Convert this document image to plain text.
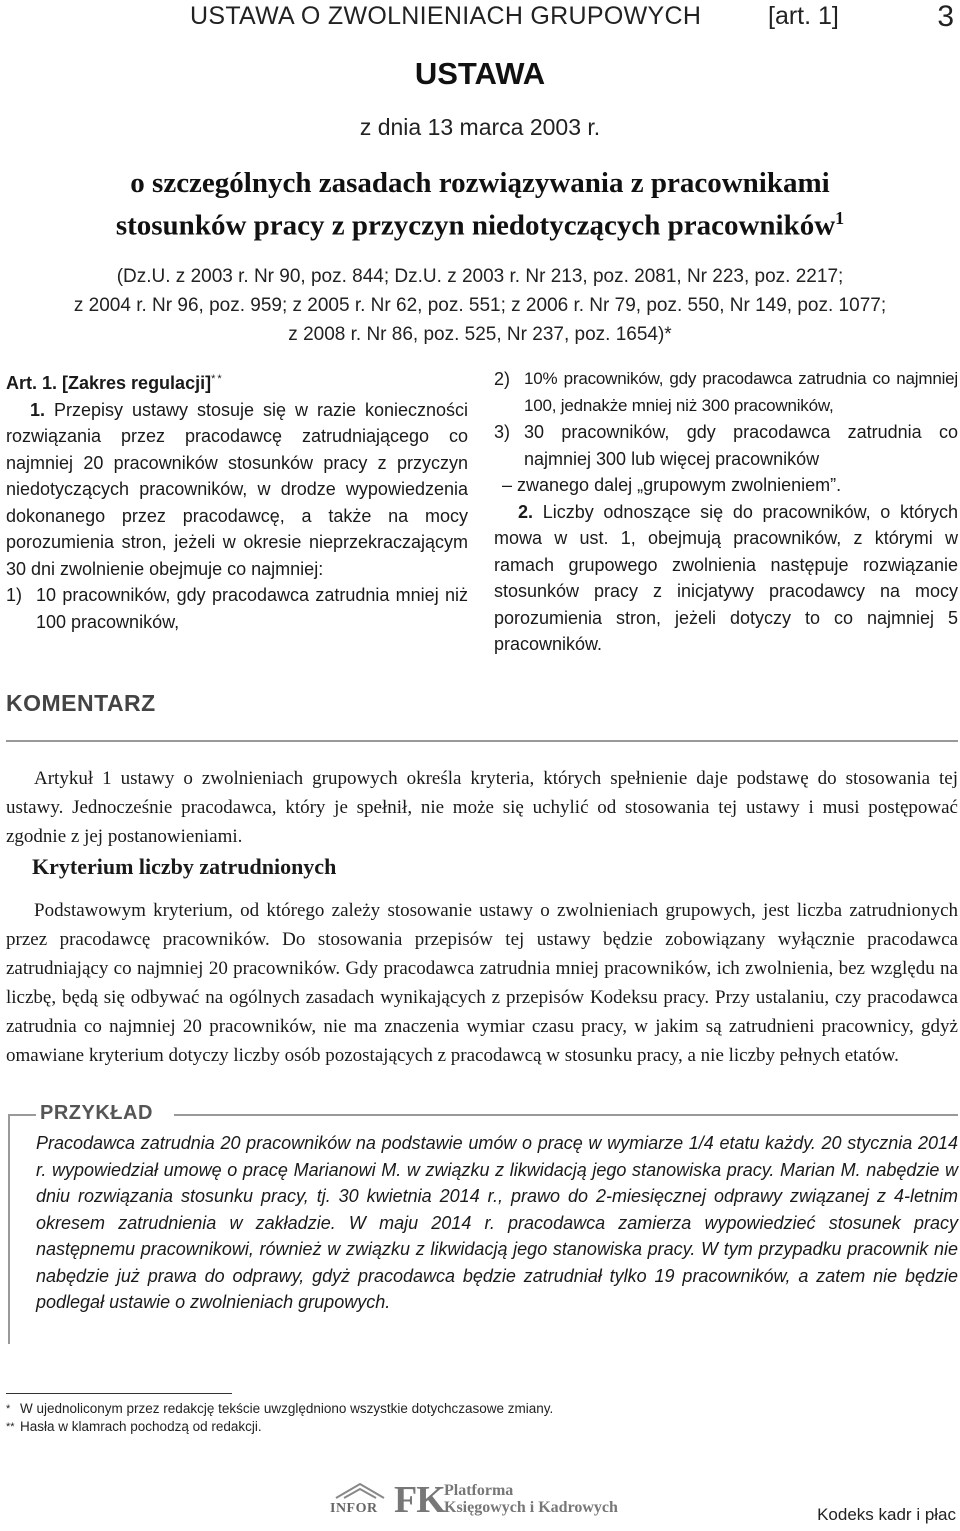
USTAWA O ZWOLNIENIACH GRUPOWYCH	[art. 1]	3
USTAWA
z dnia 13 marca 2003 r.
o szczególnych zasadach rozwiązywania z pracownikami
stosunków pracy z przyczyn niedotyczących pracowników$^1$
(Dz.U. z 2003 r. Nr 90, poz. 844; Dz.U. z 2003 r. Nr 213, poz. 2081, Nr 223, poz. 2217;
z 2004 r. Nr 96, poz. 959; z 2005 r. Nr 62, poz. 551; z 2006 r. Nr 79, poz. 550, Nr 149, poz. 1077;
z 2008 r. Nr 86, poz. 525, Nr 237, poz. 1654)*
Art. 1. [Zakres regulacji]**
1. Przepisy ustawy stosuje się w razie konieczności rozwiązania przez pracodawcę zatrudniającego co najmniej 20 pracowników stosunków pracy z przyczyn niedotyczących pracowników, w drodze wypowiedzenia dokonanego przez pracodawcę, a także na mocy porozumienia stron, jeżeli w okresie nieprzekraczającym 30 dni zwolnienie obejmuje co najmniej:
1) 10 pracowników, gdy pracodawca zatrudnia mniej niż 100 pracowników,
2) 10% pracowników, gdy pracodawca zatrudnia co najmniej 100, jednakże mniej niż 300 pracowników,
3) 30 pracowników, gdy pracodawca zatrudnia co najmniej 300 lub więcej pracowników
– zwanego dalej „grupowym zwolnieniem”.
2. Liczby odnoszące się do pracowników, o których mowa w ust. 1, obejmują pracowników, z którymi w ramach grupowego zwolnienia następuje rozwiązanie stosunków pracy z inicjatywy pracodawcy na mocy porozumienia stron, jeżeli dotyczy to co najmniej 5 pracowników.
KOMENTARZ
Artykuł 1 ustawy o zwolnieniach grupowych określa kryteria, których spełnienie daje podstawę do stosowania tej ustawy. Jednocześnie pracodawca, który je spełnił, nie może się uchylić od stosowania tej ustawy i musi postępować zgodnie z jej postanowieniami.
Kryterium liczby zatrudnionych
Podstawowym kryterium, od którego zależy stosowanie ustawy o zwolnieniach grupowych, jest liczba zatrudnionych przez pracodawcę pracowników. Do stosowania przepisów tej ustawy będzie zobowiązany wyłącznie pracodawca zatrudniający co najmniej 20 pracowników. Gdy pracodawca zatrudnia mniej pracowników, ich zwolnienia, bez względu na liczbę, będą się odbywać na ogólnych zasadach wynikających z przepisów Kodeksu pracy. Przy ustalaniu, czy pracodawca zatrudnia co najmniej 20 pracowników, nie ma znaczenia wymiar czasu pracy, w jakim są zatrudnieni pracownicy, gdyż omawiane kryterium dotyczy liczby osób pozostających z pracodawcą w stosunku pracy, a nie liczby pełnych etatów.
PRZYKŁAD
Pracodawca zatrudnia 20 pracowników na podstawie umów o pracę w wymiarze 1/4 etatu każdy. 20 stycznia 2014 r. wypowiedział umowę o pracę Marianowi M. w związku z likwidacją jego stanowiska pracy. Marian M. nabędzie w dniu rozwiązania stosunku pracy, tj. 30 kwietnia 2014 r., prawo do 2-miesięcznej odprawy związanej z 4-letnim okresem zatrudnienia w zakładzie. W maju 2014 r. pracodawca zamierza wypowiedzieć stosunek pracy następnemu pracownikowi, również w związku z likwidacją jego stanowiska pracy. W tym przypadku pracownik nie nabędzie już prawa do odprawy, gdyż pracodawca będzie zatrudniał tylko 19 pracowników, a zatem nie będzie podlegał ustawie o zwolnieniach grupowych.
* W ujednoliconym przez redakcję tekście uwzględniono wszystkie dotychczasowe zmiany.
** Hasła w klamrach pochodzą od redakcji.
INFOR FK Platforma
Księgowych i Kadrowych	Kodeks kadr i płac
